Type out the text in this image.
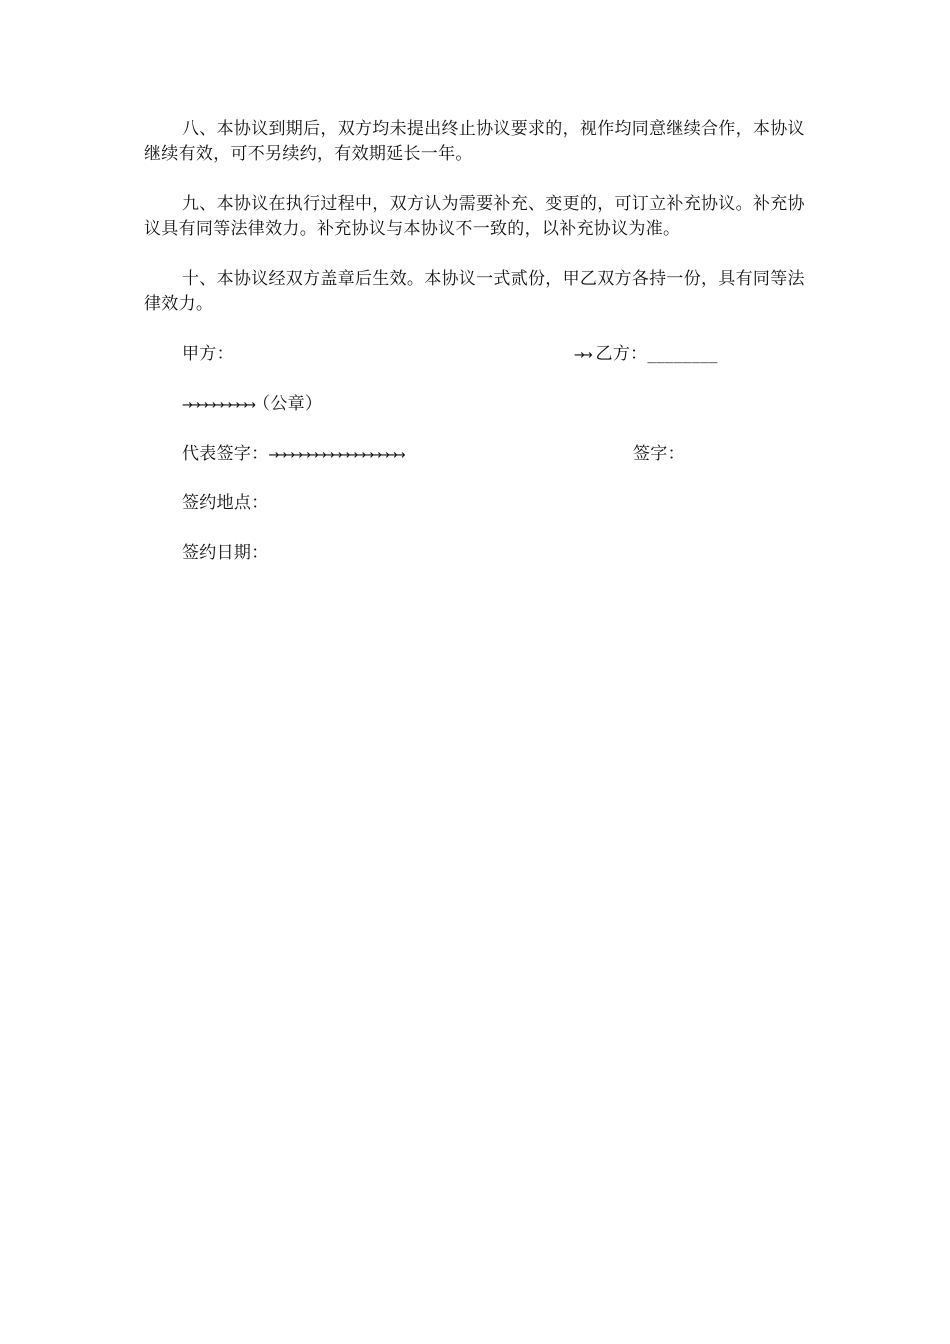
八、本协议到期后，双方均未提出终止协议要求的，视作均同意继续合作，本协议继续有效，可不另续约，有效期延长一年。

九、本协议在执行过程中，双方认为需要补充、变更的，可订立补充协议。补充协议具有同等法律效力。补充协议与本协议不一致的，以补充协议为准。

十、本协议经双方盖章后生效。本协议一式贰份，甲乙双方各持一份，具有同等法律效力。

甲方：	→→ 乙方：________
→→→→→→→→→（公章）
代表签字：→→→→→→→→→→→→→→→→→	签字：
签约地点：
签约日期：
